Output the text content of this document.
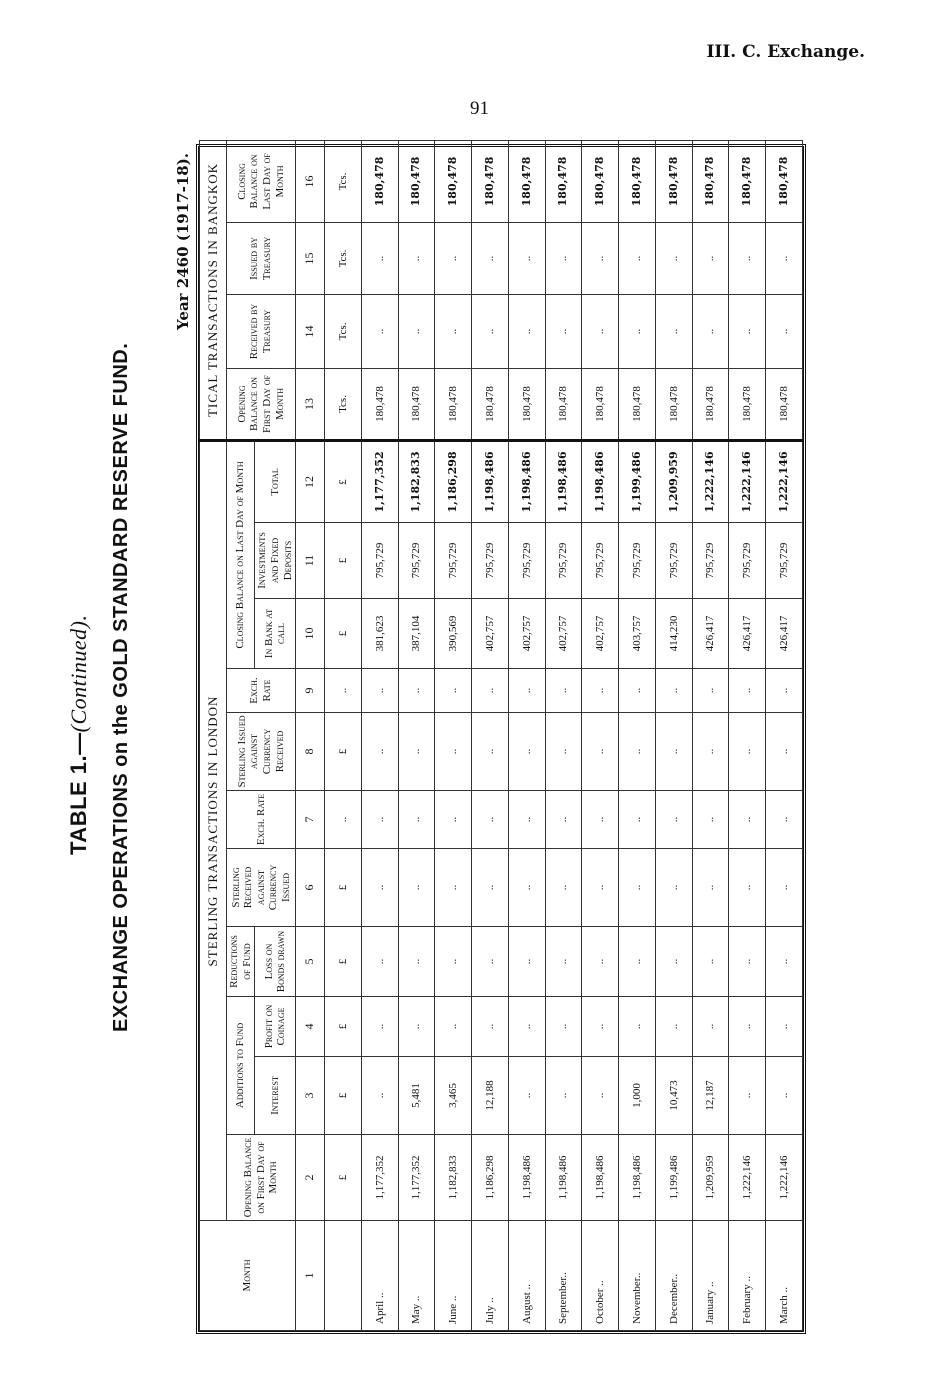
III. C. Exchange.
91
TABLE 1.—(Continued). EXCHANGE OPERATIONS on the GOLD STANDARD RESERVE FUND.
Year 2460 (1917-18).
Month	STERLING TRANSACTIONS IN LONDON											TICAL TRANSACTIONS IN BANGKOK			
	Opening Balance on First Day of Month	Additions to Fund		Reductions of Fund	Sterling Received against Currency Issued	Exch. Rate	Sterling Issued against Currency Received	Exch. Rate	Closing Balance on Last Day of Month			Opening Balance on First Day of Month	Received by Treasury	Issued by Treasury	Closing Balance on Last Day of Month
		Interest	Profit on Coinage	Loss on Bonds drawn					In Bank at call	Investments and Fixed Deposits	Total				
1	2	3	4	5	6	7	8	9	10	11	12	13	14	15	16
	£	£	£	£	£	..	£	..	£	£	£	Tcs.	Tcs.	Tcs.	Tcs.
April ..	1,177,352	..	..	..	..	..	..	..	381,623	795,729	1,177,352	180,478	..	..	180,478
May ..	1,177,352	5,481	..	..	..	..	..	..	387,104	795,729	1,182,833	180,478	..	..	180,478
June ..	1,182,833	3,465	..	..	..	..	..	..	390,569	795,729	1,186,298	180,478	..	..	180,478
July ..	1,186,298	12,188	..	..	..	..	..	..	402,757	795,729	1,198,486	180,478	..	..	180,478
August ..	1,198,486	..	..	..	..	..	..	..	402,757	795,729	1,198,486	180,478	..	..	180,478
September..	1,198,486	..	..	..	..	..	..	..	402,757	795,729	1,198,486	180,478	..	..	180,478
October ..	1,198,486	..	..	..	..	..	..	..	402,757	795,729	1,198,486	180,478	..	..	180,478
November..	1,198,486	1,000	..	..	..	..	..	..	403,757	795,729	1,199,486	180,478	..	..	180,478
December..	1,199,486	10,473	..	..	..	..	..	..	414,230	795,729	1,209,959	180,478	..	..	180,478
January ..	1,209,959	12,187	..	..	..	..	..	..	426,417	795,729	1,222,146	180,478	..	..	180,478
February ..	1,222,146	..	..	..	..	..	..	..	426,417	795,729	1,222,146	180,478	..	..	180,478
March ..	1,222,146	..	..	..	..	..	..	..	426,417	795,729	1,222,146	180,478	..	..	180,478
